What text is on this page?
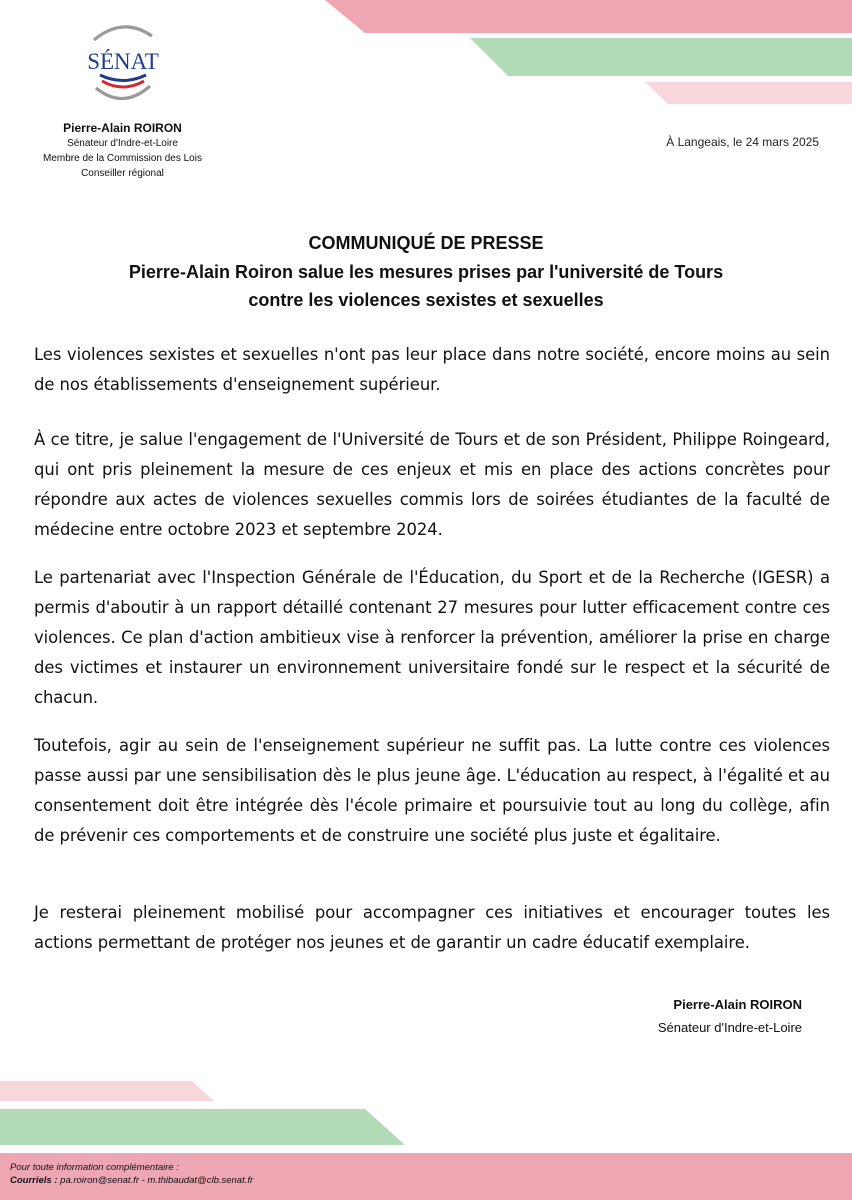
SÉNAT
Pierre-Alain ROIRON
Sénateur d'Indre-et-Loire
Membre de la Commission des Lois
Conseiller régional
À Langeais, le 24 mars 2025
COMMUNIQUÉ DE PRESSE
Pierre-Alain Roiron salue les mesures prises par l'université de Tours
contre les violences sexistes et sexuelles

Les violences sexistes et sexuelles n'ont pas leur place dans notre société, encore moins au sein de nos établissements d'enseignement supérieur.

À ce titre, je salue l'engagement de l'Université de Tours et de son Président, Philippe Roingeard, qui ont pris pleinement la mesure de ces enjeux et mis en place des actions concrètes pour répondre aux actes de violences sexuelles commis lors de soirées étudiantes de la faculté de médecine entre octobre 2023 et septembre 2024.

Le partenariat avec l'Inspection Générale de l'Éducation, du Sport et de la Recherche (IGESR) a permis d'aboutir à un rapport détaillé contenant 27 mesures pour lutter efficacement contre ces violences. Ce plan d'action ambitieux vise à renforcer la prévention, améliorer la prise en charge des victimes et instaurer un environnement universitaire fondé sur le respect et la sécurité de chacun.

Toutefois, agir au sein de l'enseignement supérieur ne suffit pas. La lutte contre ces violences passe aussi par une sensibilisation dès le plus jeune âge. L'éducation au respect, à l'égalité et au consentement doit être intégrée dès l'école primaire et poursuivie tout au long du collège, afin de prévenir ces comportements et de construire une société plus juste et égalitaire.

Je resterai pleinement mobilisé pour accompagner ces initiatives et encourager toutes les actions permettant de protéger nos jeunes et de garantir un cadre éducatif exemplaire.

Pierre-Alain ROIRON
Sénateur d'Indre-et-Loire
Pour toute information complémentaire :
Courriels : pa.roiron@senat.fr - m.thibaudat@clb.senat.fr
